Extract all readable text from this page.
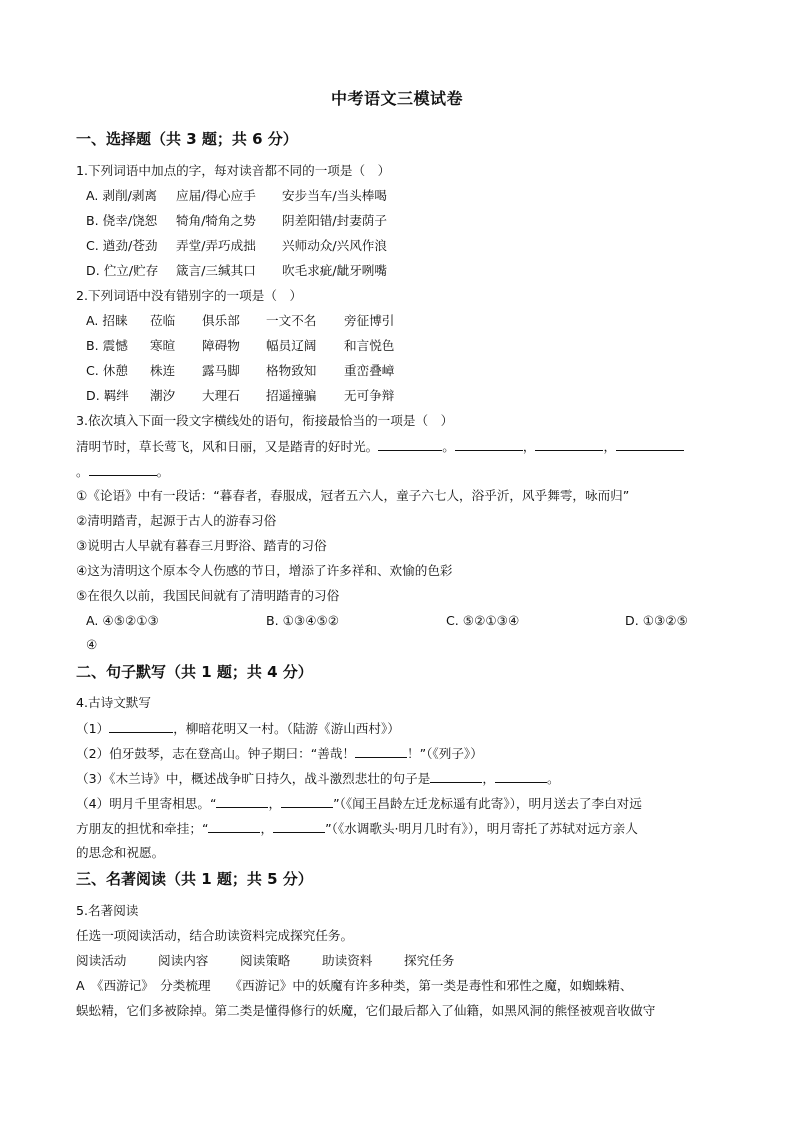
中考语文三模试卷
一、选择题（共 3 题；共 6 分）
1.下列词语中加点的字，每对读音都不同的一项是（　）
A. 剥削/剥离 应届/得心应手 安步当车/当头棒喝
B. 侥幸/饶恕 犄角/犄角之势 阴差阳错/封妻荫子
C. 遒劲/苍劲 弄堂/弄巧成拙 兴师动众/兴风作浪
D. 伫立/贮存 箴言/三缄其口 吹毛求疵/龇牙咧嘴
2.下列词语中没有错别字的一项是（　）
A. 招睐 莅临 俱乐部 一文不名 旁征博引
B. 震憾 寒暄 障碍物 幅员辽阔 和言悦色
C. 休憩 株连 露马脚 格物致知 重峦叠嶂
D. 羁绊 潮汐 大理石 招遥撞骗 无可争辩
3.依次填入下面一段文字横线处的语句，衔接最恰当的一项是（　）
清明节时，草长莺飞，风和日丽，又是踏青的好时光。	。	，	，
。	。
①《论语》中有一段话：“暮春者，春服成，冠者五六人，童子六七人，浴乎沂，风乎舞雩，咏而归”
②清明踏青，起源于古人的游春习俗
③说明古人早就有暮春三月野浴、踏青的习俗
④这为清明这个原本令人伤感的节日，增添了许多祥和、欢愉的色彩
⑤在很久以前，我国民间就有了清明踏青的习俗
A. ④⑤②①③	B. ①③④⑤②	C. ⑤②①③④	D. ①③②⑤
④
二、句子默写（共 1 题；共 4 分）
4.古诗文默写
（1）	，柳暗花明又一村。（陆游《游山西村》）
（2）伯牙鼓琴，志在登高山。钟子期曰：“善哉！	！”（《列子》）
（3）《木兰诗》中，概述战争旷日持久，战斗激烈悲壮的句子是	，	。
（4）明月千里寄相思。“	，	”（《闻王昌龄左迁龙标遥有此寄》），明月送去了李白对远
方朋友的担忧和牵挂；“	，	”（《水调歌头·明月几时有》），明月寄托了苏轼对远方亲人
的思念和祝愿。
三、名著阅读（共 1 题；共 5 分）
5.名著阅读
任选一项阅读活动，结合助读资料完成探究任务。
阅读活动	阅读内容	阅读策略	助读资料	探究任务
A　《西游记》　分类梳理　　《西游记》中的妖魔有许多种类，第一类是毒性和邪性之魔，如蜘蛛精、
蜈蚣精，它们多被除掉。第二类是懂得修行的妖魔，它们最后都入了仙籍，如黑风洞的熊怪被观音收做守
